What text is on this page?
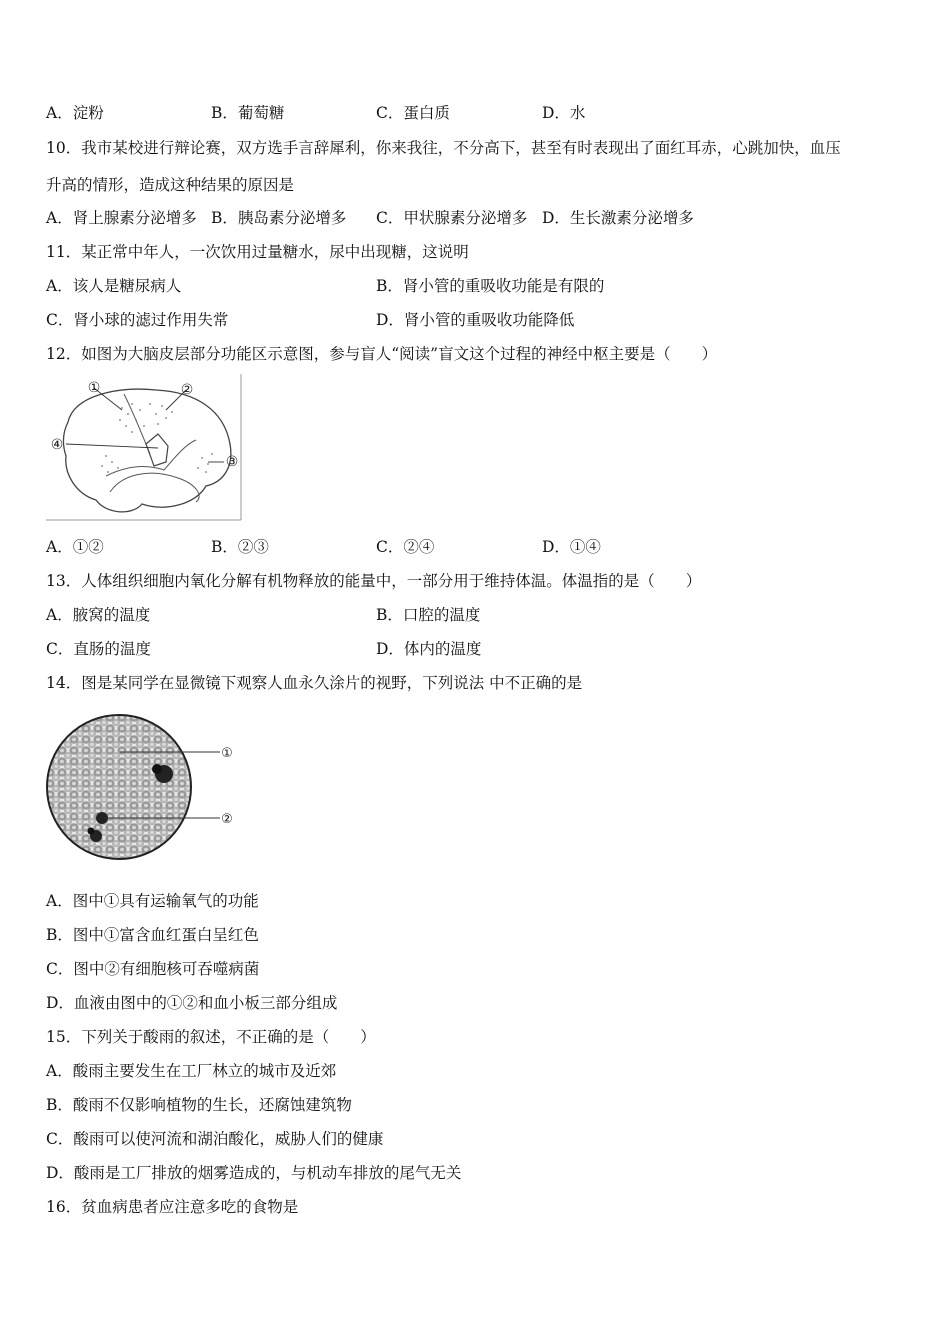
A．淀粉	B．葡萄糖	C．蛋白质	D．水
10．我市某校进行辩论赛，双方选手言辞犀利，你来我往，不分高下，甚至有时表现出了面红耳赤，心跳加快，血压
升高的情形，造成这种结果的原因是
A．肾上腺素分泌增多 B．胰岛素分泌增多 C．甲状腺素分泌增多 D．生长激素分泌增多
11．某正常中年人，一次饮用过量糖水，尿中出现糖，这说明
A．该人是糖尿病人	B．肾小管的重吸收功能是有限的
C．肾小球的滤过作用失常	D．肾小管的重吸收功能降低
12．如图为大脑皮层部分功能区示意图，参与盲人“阅读”盲文这个过程的神经中枢主要是（　　）
①	②
③
④
A．①②	B．②③	C．②④	D．①④
13．人体组织细胞内氧化分解有机物释放的能量中，一部分用于维持体温。体温指的是（　　）
A．腋窝的温度	B．口腔的温度
C．直肠的温度	D．体内的温度
14．图是某同学在显微镜下观察人血永久涂片的视野，下列说法 中不正确的是
①
②
A．图中①具有运输氧气的功能
B．图中①富含血红蛋白呈红色
C．图中②有细胞核可吞噬病菌
D．血液由图中的①②和血小板三部分组成
15．下列关于酸雨的叙述，不正确的是（　　）
A．酸雨主要发生在工厂林立的城市及近郊
B．酸雨不仅影响植物的生长，还腐蚀建筑物
C．酸雨可以使河流和湖泊酸化，威胁人们的健康
D．酸雨是工厂排放的烟雾造成的，与机动车排放的尾气无关
16．贫血病患者应注意多吃的食物是
